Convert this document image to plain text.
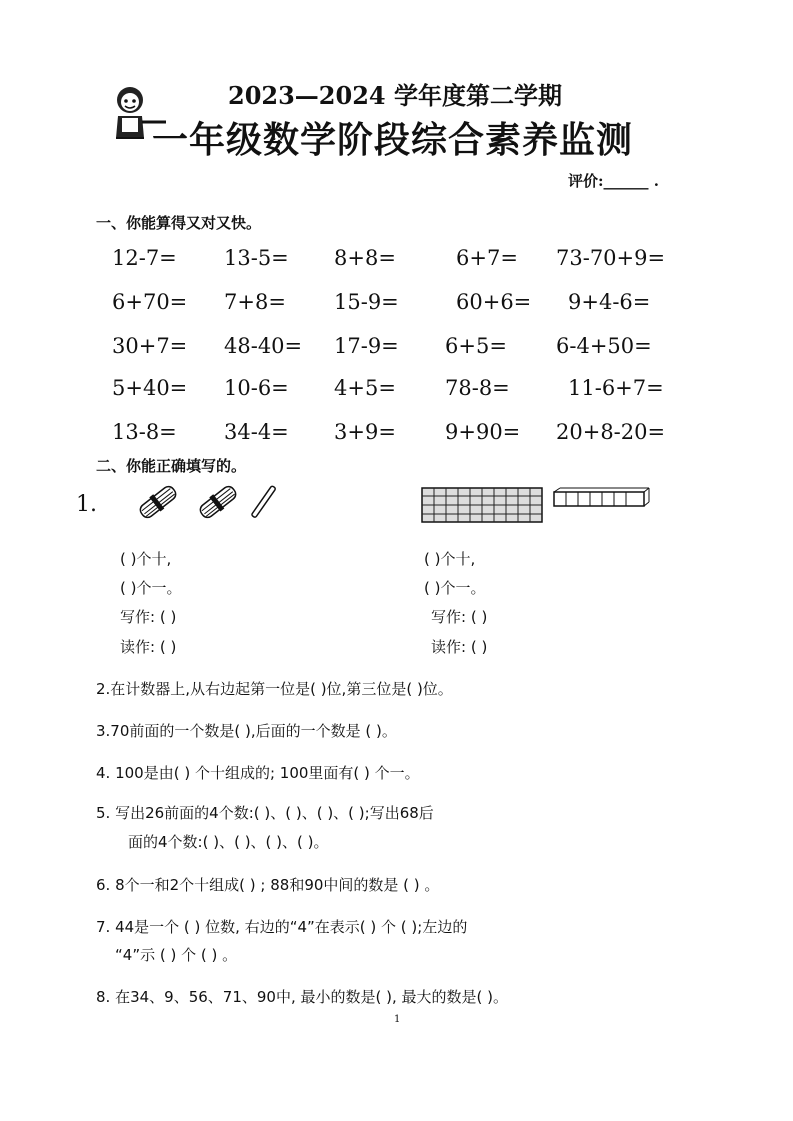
2023—2024 学年度第二学期
一年级数学阶段综合素养监测
评价:______ .
一、你能算得又对又快。
12-7= 13-5= 8+8=	6+7= 73-70+9=
6+70= 7+8= 15-9=	60+6= 9+4-6=
30+7= 48-40= 17-9= 6+5= 6-4+50=
5+40= 10-6= 4+5= 78-8=	11-6+7=
13-8= 34-4= 3+9= 9+90= 20+8-20=
二、你能正确填写的。
1.
( )个十,
( )个一。
写作: ( )
读作: ( )
( )个十,
( )个一。
写作: ( )
读作: ( )
2.在计数器上,从右边起第一位是( )位,第三位是( )位。
3.70前面的一个数是( ),后面的一个数是 ( )。
4. 100是由( ) 个十组成的; 100里面有( ) 个一。
5. 写出26前面的4个数:( )、( )、( )、( );写出68后
面的4个数:( )、( )、( )、( )。
6. 8个一和2个十组成( ) ; 88和90中间的数是 ( ) 。
7. 44是一个 ( ) 位数, 右边的“4”在表示( ) 个 ( );左边的
“4”示 ( ) 个 ( ) 。
8. 在34、9、56、71、90中, 最小的数是( ), 最大的数是( )。
1
